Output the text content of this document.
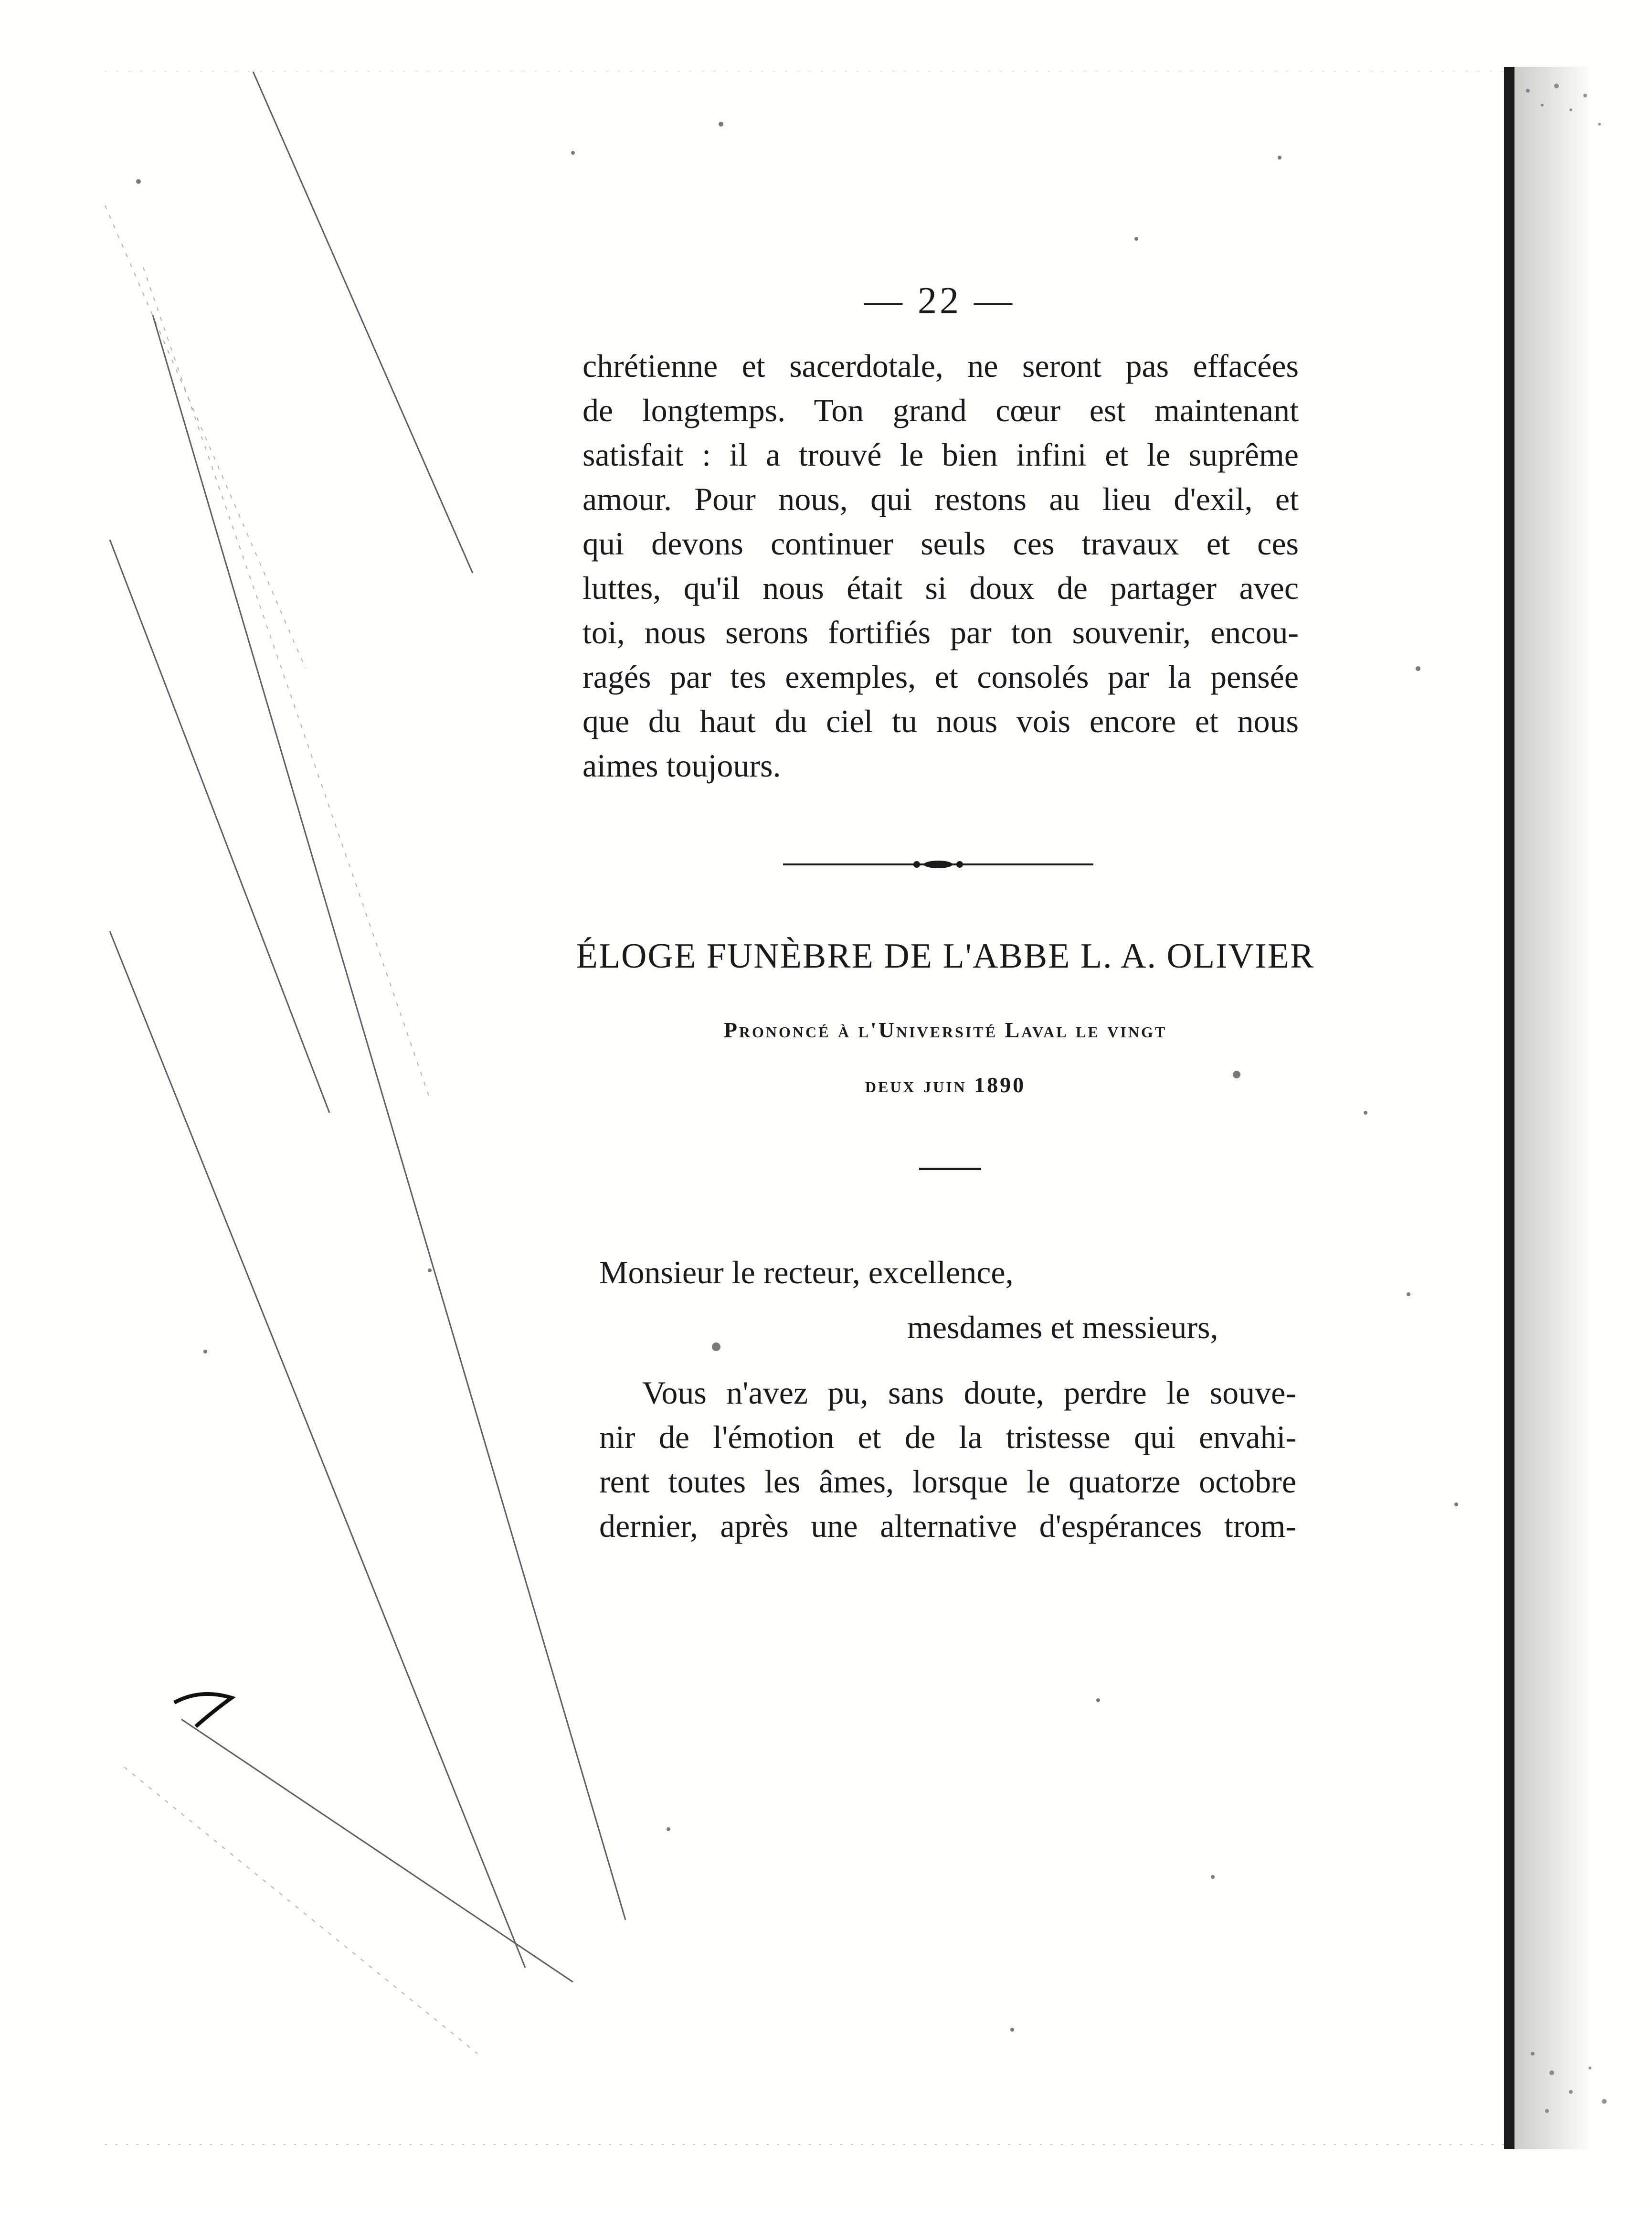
— 22 —
chrétienne et sacerdotale, ne seront pas effacées
de longtemps. Ton grand cœur est maintenant
satisfait : il a trouvé le bien infini et le suprême
amour. Pour nous, qui restons au lieu d'exil, et
qui devons continuer seuls ces travaux et ces
luttes, qu'il nous était si doux de partager avec
toi, nous serons fortifiés par ton souvenir, encou-
ragés par tes exemples, et consolés par la pensée
que du haut du ciel tu nous vois encore et nous
aimes toujours.
ÉLOGE FUNÈBRE DE L'ABBE L. A. OLIVIER
Prononcé à l'Université Laval le vingt
deux juin 1890
Monsieur le recteur, excellence,
mesdames et messieurs,
Vous n'avez pu, sans doute, perdre le souve-
nir de l'émotion et de la tristesse qui envahi-
rent toutes les âmes, lorsque le quatorze octobre
dernier, après une alternative d'espérances trom-
